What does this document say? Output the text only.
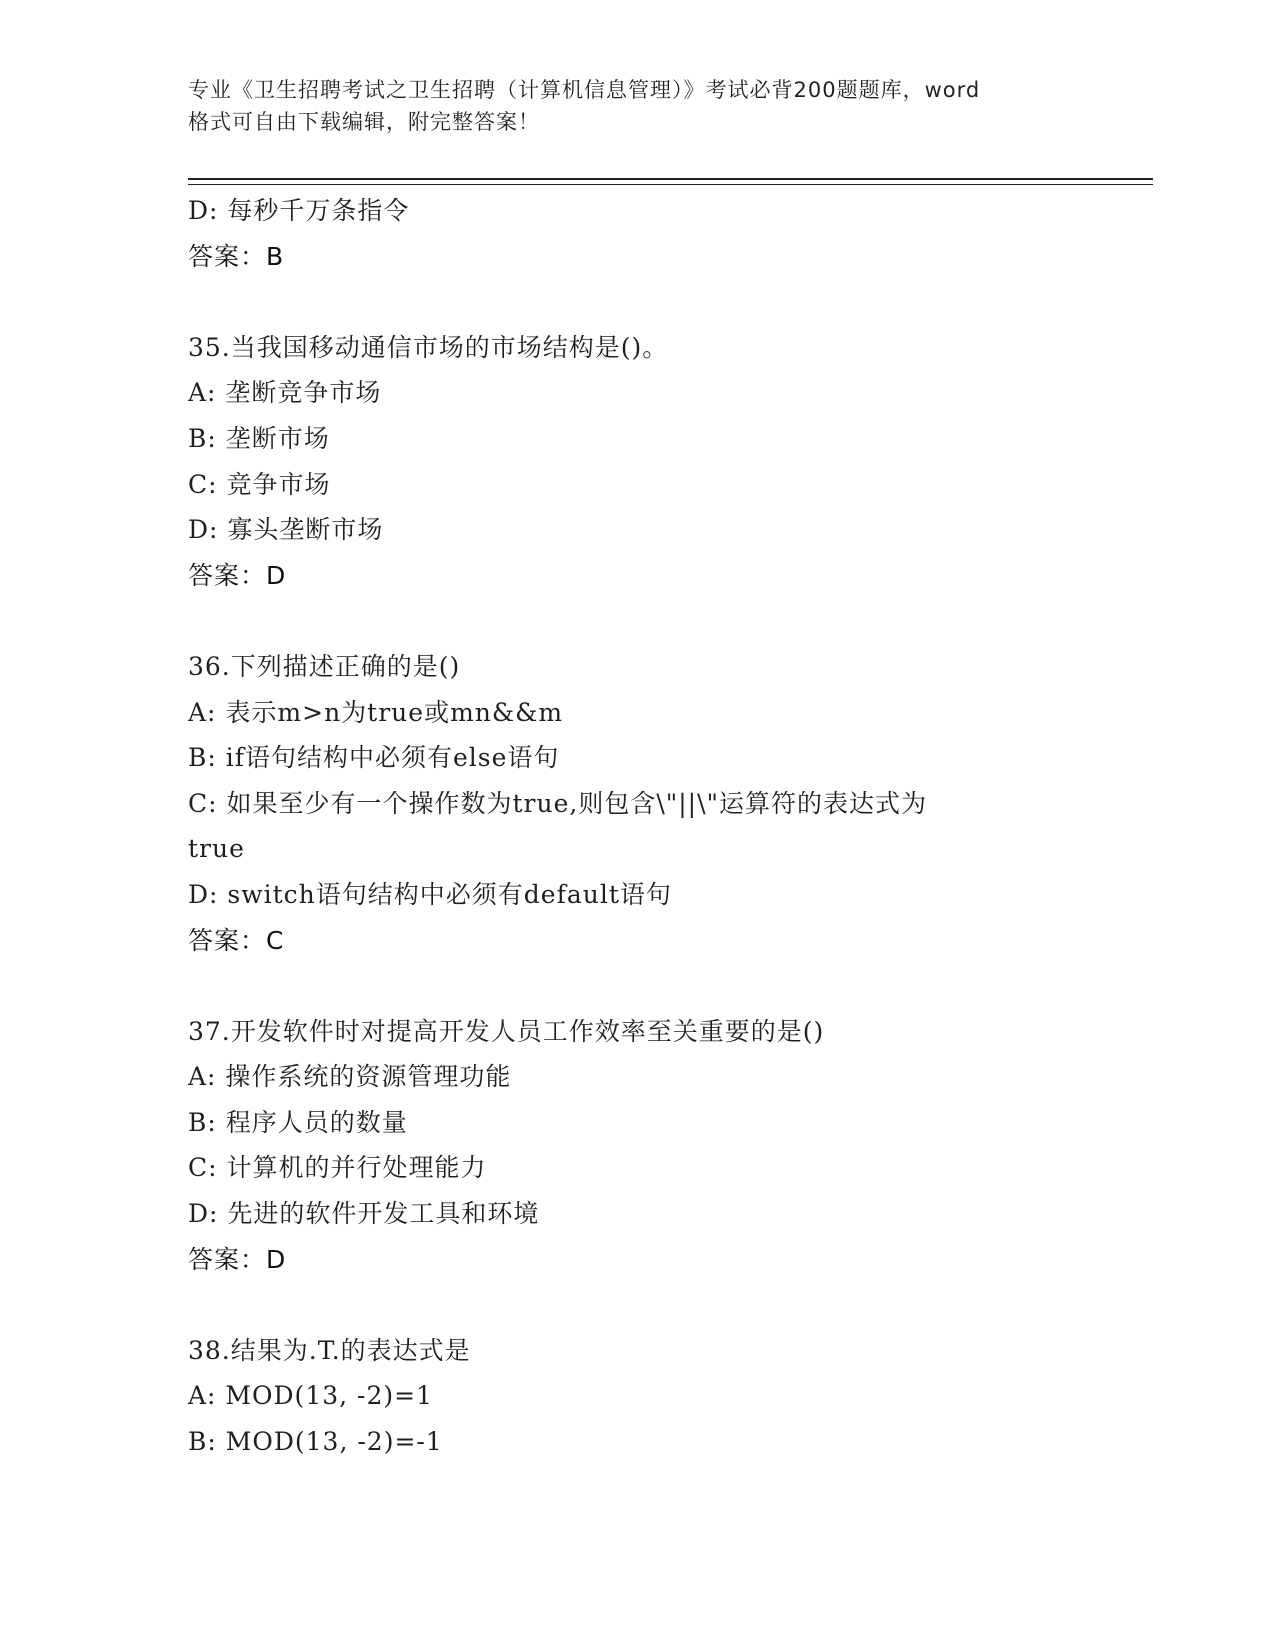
专业《卫生招聘考试之卫生招聘（计算机信息管理）》考试必背200题题库，word
格式可自由下载编辑，附完整答案！
D: 每秒千万条指令
答案：B
35.当我国移动通信市场的市场结构是()。
A: 垄断竞争市场
B: 垄断市场
C: 竞争市场
D: 寡头垄断市场
答案：D
36.下列描述正确的是()
A: 表示m>n为true或mn&&m
B: if语句结构中必须有else语句
C: 如果至少有一个操作数为true,则包含\"||\"运算符的表达式为
true
D: switch语句结构中必须有default语句
答案：C
37.开发软件时对提高开发人员工作效率至关重要的是()
A: 操作系统的资源管理功能
B: 程序人员的数量
C: 计算机的并行处理能力
D: 先进的软件开发工具和环境
答案：D
38.结果为.T.的表达式是
A: MOD(13, -2)=1
B: MOD(13, -2)=-1
